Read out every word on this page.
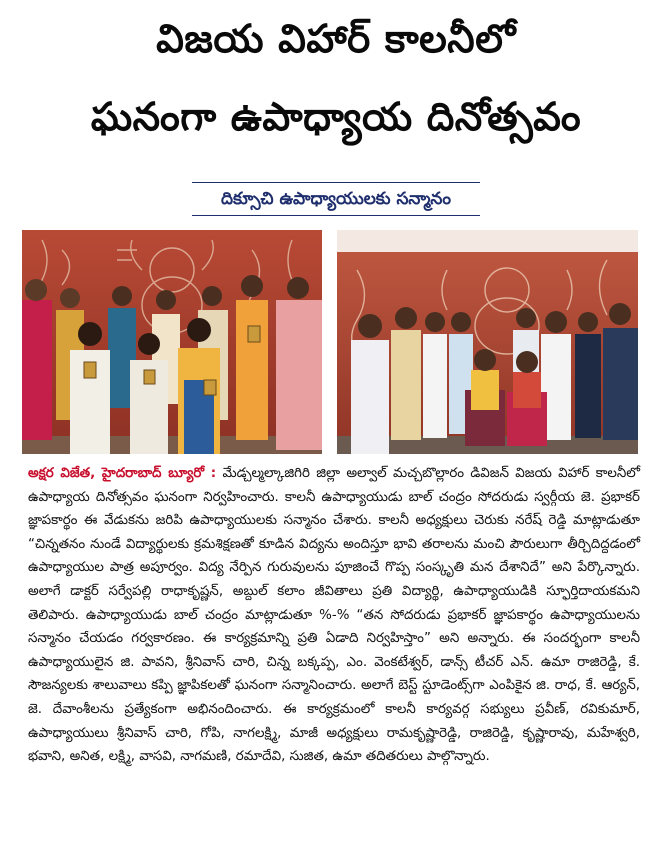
విజయ విహార్ కాలనీలో
ఘనంగా ఉపాధ్యాయ దినోత్సవం
దిక్సూచి ఉపాధ్యాయులకు సన్మానం
అక్షర విజేత, హైదరాబాద్ బ్యూరో : మేడ్చల్మల్కాజిగిరి జిల్లా అల్వాల్ మచ్చబొల్లారం డివిజన్ విజయ విహార్ కాలనీలో ఉపాధ్యాయ దినోత్సవం ఘనంగా నిర్వహించారు. కాలనీ ఉపాధ్యాయుడు బాల్ చంద్రం సోదరుడు స్వర్గీయ జె. ప్రభాకర్ జ్ఞాపకార్థం ఈ వేడుకను జరిపి ఉపాధ్యాయులకు సన్మానం చేశారు. కాలనీ అధ్యక్షులు చెరుకు నరేష్ రెడ్డి మాట్లాడుతూ “చిన్నతనం నుండే విద్యార్థులకు క్రమశిక్షణతో కూడిన విద్యను అందిస్తూ భావి తరాలను మంచి పౌరులుగా తీర్చిదిద్దడంలో ఉపాధ్యాయుల పాత్ర అపూర్వం. విద్య నేర్పిన గురువులను పూజించే గొప్ప సంస్కృతి మన దేశానిదే” అని పేర్కొన్నారు. అలాగే డాక్టర్ సర్వేపల్లి రాధాకృష్ణన్, అబ్దుల్ కలాం జీవితాలు ప్రతి విద్యార్థి, ఉపాధ్యాయుడికి స్ఫూర్తిదాయకమని తెలిపారు. ఉపాధ్యాయుడు బాల్ చంద్రం మాట్లాడుతూ %-% “తన సోదరుడు ప్రభాకర్ జ్ఞాపకార్థం ఉపాధ్యాయులను సన్మానం చేయడం గర్వకారణం. ఈ కార్యక్రమాన్ని ప్రతి ఏడాది నిర్వహిస్తాం” అని అన్నారు. ఈ సందర్భంగా కాలనీ ఉపాధ్యాయులైన జి. పావని, శ్రీనివాస్ చారి, చిన్న బక్కప్ప, ఎం. వెంకటేశ్వర్, డాన్స్ టీచర్ ఎన్. ఉమా రాజిరెడ్డి, కే. సౌజన్యలకు శాలువాలు కప్పి జ్ఞాపికలతో ఘనంగా సన్మానించారు. అలాగే బెస్ట్ స్టూడెంట్స్‌గా ఎంపికైన జి. రాధ, కే. ఆర్యన్, జె. దేవాంశీలను ప్రత్యేకంగా అభినందించారు. ఈ కార్యక్రమంలో కాలనీ కార్యవర్గ సభ్యులు ప్రవీణ్, రవికుమార్, ఉపాధ్యాయులు శ్రీనివాస్ చారి, గోపి, నాగలక్ష్మి, మాజీ అధ్యక్షులు రామకృష్ణారెడ్డి, రాజిరెడ్డి, కృష్ణారావు, మహేశ్వరి, భవాని, అనిత, లక్ష్మి, వాసవి, నాగమణి, రమాదేవి, సుజిత, ఉమా తదితరులు పాల్గొన్నారు.
